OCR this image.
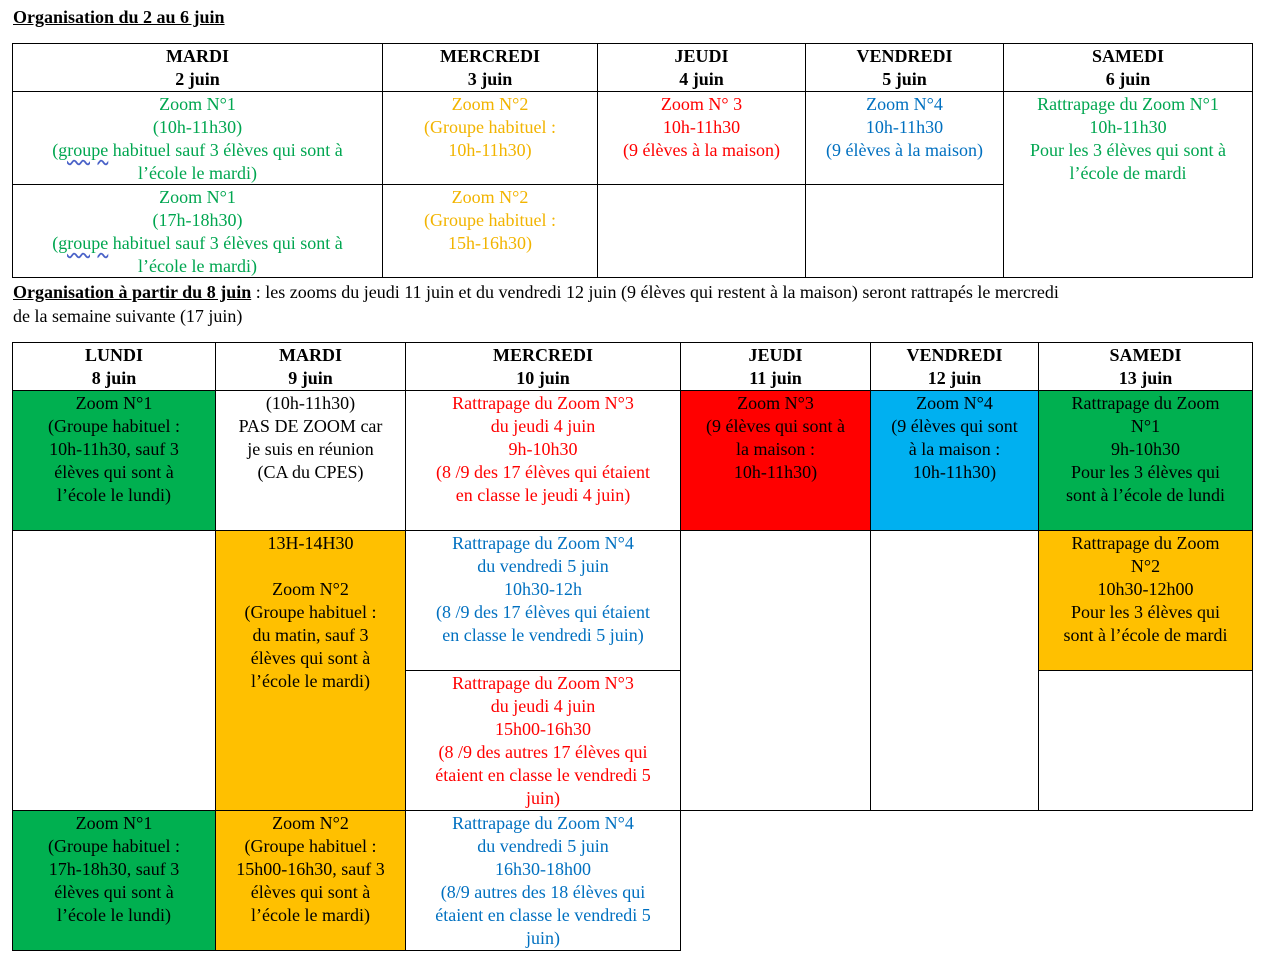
Organisation du 2 au 6 juin
Organisation à partir du 8 juin : les zooms du jeudi 11 juin et du vendredi 12 juin (9 élèves qui restent à la maison) seront rattrapés le mercredi
de la semaine suivante (17 juin)
MARDI
2 juin
MERCREDI
3 juin
JEUDI
4 juin
VENDREDI
5 juin
SAMEDI
6 juin
Zoom N°1
(10h-11h30)
(groupe habituel sauf 3 élèves qui sont à
l’école le mardi)
Zoom N°2
(Groupe habituel :
10h-11h30)
Zoom N° 3
10h-11h30
(9 élèves à la maison)
Zoom N°4
10h-11h30
(9 élèves à la maison)
Rattrapage du Zoom N°1
10h-11h30
Pour les 3 élèves qui sont à
l’école de mardi
Zoom N°1
(17h-18h30)
(groupe habituel sauf 3 élèves qui sont à
l’école le mardi)
Zoom N°2
(Groupe habituel :
15h-16h30)
LUNDI
8 juin
MARDI
9 juin
MERCREDI
10 juin
JEUDI
11 juin
VENDREDI
12 juin
SAMEDI
13 juin
Zoom N°1
(Groupe habituel :
10h-11h30, sauf 3
élèves qui sont à
l’école le lundi)
(10h-11h30)
PAS DE ZOOM car
je suis en réunion
(CA du CPES)
Rattrapage du Zoom N°3
du jeudi 4 juin
9h-10h30
(8 /9 des 17 élèves qui étaient
en classe le jeudi 4 juin)
Zoom N°3
(9 élèves qui sont à
la maison :
10h-11h30)
Zoom N°4
(9 élèves qui sont
à la maison :
10h-11h30)
Rattrapage du Zoom
N°1
9h-10h30
Pour les 3 élèves qui
sont à l’école de lundi
13H-14H30
Zoom N°2
(Groupe habituel :
du matin, sauf 3
élèves qui sont à
l’école le mardi)
Rattrapage du Zoom N°4
du vendredi 5 juin
10h30-12h
(8 /9 des 17 élèves qui étaient
en classe le vendredi 5 juin)
Rattrapage du Zoom
N°2
10h30-12h00
Pour les 3 élèves qui
sont à l’école de mardi
Rattrapage du Zoom N°3
du jeudi 4 juin
15h00-16h30
(8 /9 des autres 17 élèves qui
étaient en classe le vendredi 5
juin)
Zoom N°1
(Groupe habituel :
17h-18h30, sauf 3
élèves qui sont à
l’école le lundi)
Zoom N°2
(Groupe habituel :
15h00-16h30, sauf 3
élèves qui sont à
l’école le mardi)
Rattrapage du Zoom N°4
du vendredi 5 juin
16h30-18h00
(8/9 autres des 18 élèves qui
étaient en classe le vendredi 5
juin)
